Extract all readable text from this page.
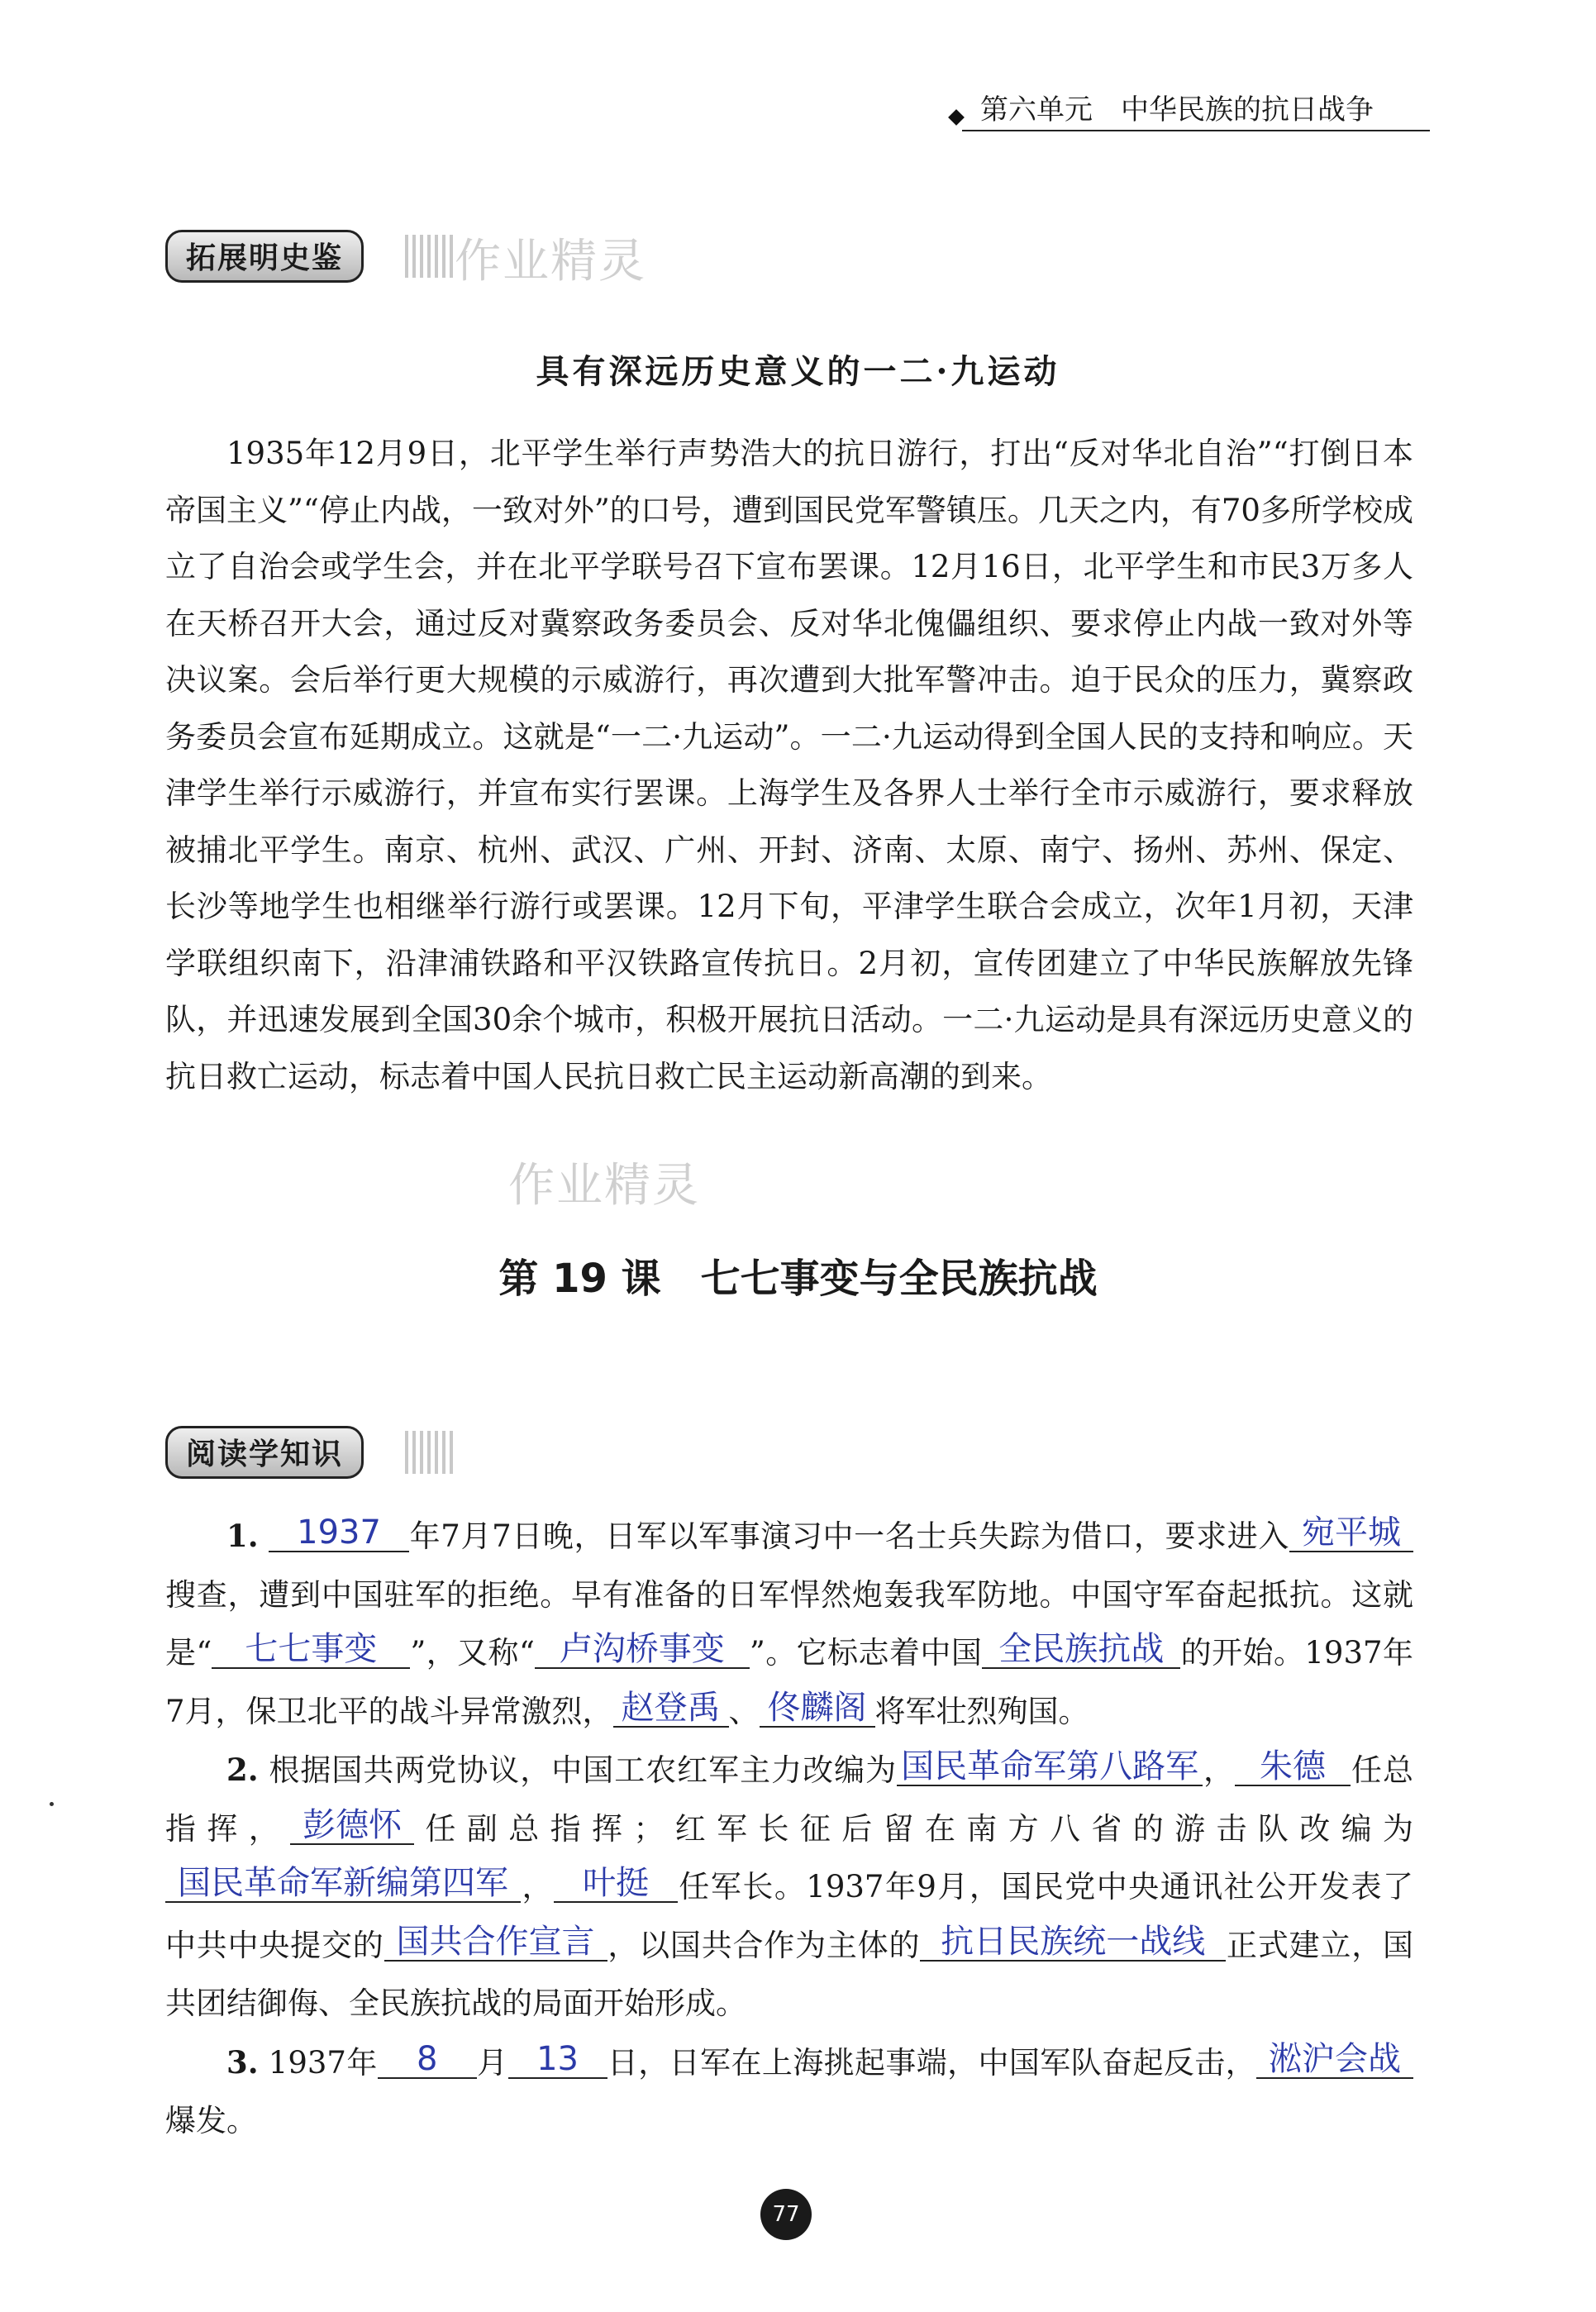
第六单元　中华民族的抗日战争
拓展明史鉴	作业精灵
具有深远历史意义的一二·九运动

1935年12月9日，北平学生举行声势浩大的抗日游行，打出“反对华北自治”“打倒日本帝国主义”“停止内战，一致对外”的口号，遭到国民党军警镇压。几天之内，有70多所学校成立了自治会或学生会，并在北平学联号召下宣布罢课。12月16日，北平学生和市民3万多人在天桥召开大会，通过反对冀察政务委员会、反对华北傀儡组织、要求停止内战一致对外等决议案。会后举行更大规模的示威游行，再次遭到大批军警冲击。迫于民众的压力，冀察政务委员会宣布延期成立。这就是“一二·九运动”。一二·九运动得到全国人民的支持和响应。天津学生举行示威游行，并宣布实行罢课。上海学生及各界人士举行全市示威游行，要求释放被捕北平学生。南京、杭州、武汉、广州、开封、济南、太原、南宁、扬州、苏州、保定、长沙等地学生也相继举行游行或罢课。12月下旬，平津学生联合会成立，次年1月初，天津学联组织南下，沿津浦铁路和平汉铁路宣传抗日。2月初，宣传团建立了中华民族解放先锋队，并迅速发展到全国30余个城市，积极开展抗日活动。一二·九运动是具有深远历史意义的抗日救亡运动，标志着中国人民抗日救亡民主运动新高潮的到来。

作业精灵
第 19 课　七七事变与全民族抗战
阅读学知识

1. 1937 年7月7日晚，日军以军事演习中一名士兵失踪为借口，要求进入 宛平城搜查，遭到中国驻军的拒绝。早有准备的日军悍然炮轰我军防地。中国守军奋起抵抗。这就是“ 七七事变 ”，又称“ 卢沟桥事变 ”。它标志着中国 全民族抗战 的开始。1937年7月，保卫北平的战斗异常激烈， 赵登禹 、 佟麟阁 将军壮烈殉国。

2. 根据国共两党协议，中国工农红军主力改编为 国民革命军第八路军 ， 朱德 任总指挥， 彭德怀 任副总指挥；红军长征后留在南方八省的游击队改编为国民革命军新编第四军 ， 叶挺 任军长。1937年9月，国民党中央通讯社公开发表了中共中央提交的 国共合作宣言 ，以国共合作为主体的 抗日民族统一战线 正式建立，国共团结御侮、全民族抗战的局面开始形成。

3. 1937年 8 月 13 日，日军在上海挑起事端，中国军队奋起反击， 淞沪会战爆发。

77
